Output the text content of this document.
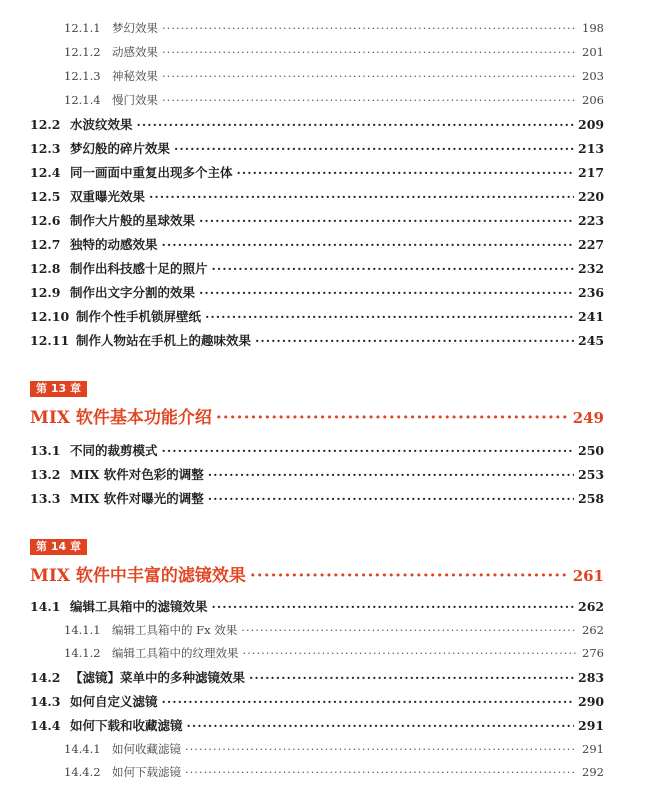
12.1.1 梦幻效果 ·····	198
12.1.2 动感效果 ·····	201
12.1.3 神秘效果 ·····	203
12.1.4 慢门效果 ·····	206
12.2 水波纹效果 ·····	209
12.3 梦幻般的碎片效果 ·····	213
12.4 同一画面中重复出现多个主体 ·····	217
12.5 双重曝光效果 ·····	220
12.6 制作大片般的星球效果 ·····	223
12.7 独特的动感效果 ·····	227
12.8 制作出科技感十足的照片 ·····	232
12.9 制作出文字分割的效果 ·····	236
12.10 制作个性手机锁屏壁纸 ·····	241
12.11 制作人物站在手机上的趣味效果 ·····	245
第 13 章
MIX 软件基本功能介绍 ·····	249
13.1 不同的裁剪模式 ·····	250
13.2 MIX 软件对色彩的调整 ·····	253
13.3 MIX 软件对曝光的调整 ·····	258
第 14 章
MIX 软件中丰富的滤镜效果 ·····	261
14.1 编辑工具箱中的滤镜效果 ·····	262
14.1.1 编辑工具箱中的 Fx 效果 ·····	262
14.1.2 编辑工具箱中的纹理效果 ·····	276
14.2 【滤镜】菜单中的多种滤镜效果 ·····	283
14.3 如何自定义滤镜 ·····	290
14.4 如何下载和收藏滤镜 ·····	291
14.4.1 如何收藏滤镜 ·····	291
14.4.2 如何下载滤镜 ·····	292
